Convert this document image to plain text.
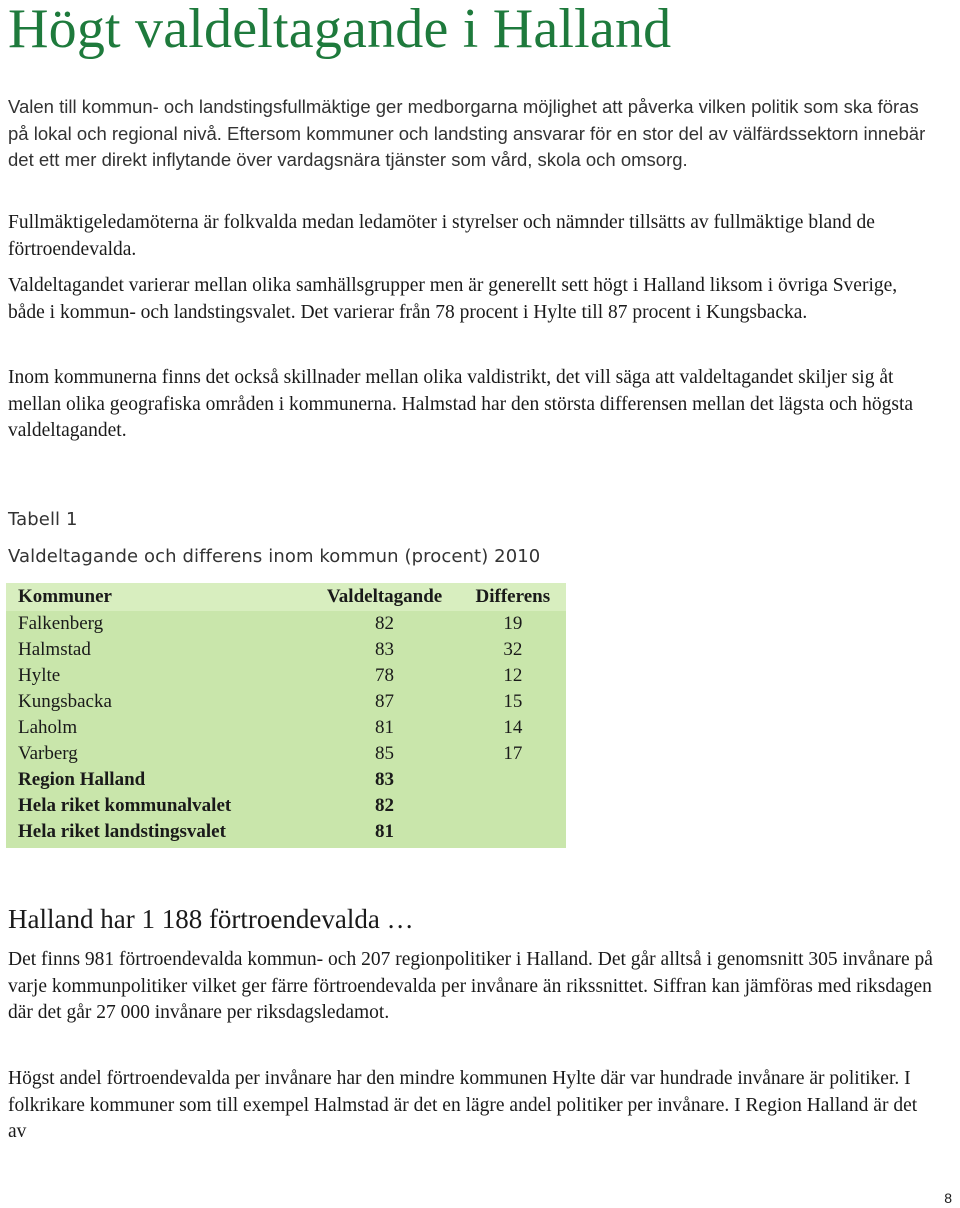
Högt valdeltagande i Halland

Valen till kommun- och landstingsfullmäktige ger medborgarna möjlighet att påverka vilken politik som ska föras på lokal och regional nivå. Eftersom kommuner och landsting ansvarar för en stor del av välfärdssektorn innebär det ett mer direkt inflytande över vardagsnära tjänster som vård, skola och omsorg.

Fullmäktigeledamöterna är folkvalda medan ledamöter i styrelser och nämnder tillsätts av fullmäktige bland de förtroendevalda.

Valdeltagandet varierar mellan olika samhällsgrupper men är generellt sett högt i Halland liksom i övriga Sverige, både i kommun- och landstingsvalet. Det varierar från 78 procent i Hylte till 87 procent i Kungsbacka.

Inom kommunerna finns det också skillnader mellan olika valdistrikt, det vill säga att valdeltagandet skiljer sig åt mellan olika geografiska områden i kommunerna. Halmstad har den största differensen mellan det lägsta och högsta valdeltagandet.

Tabell 1

Valdeltagande och differens inom kommun (procent) 2010

Kommuner	Valdeltagande	Differens
Falkenberg	82	19
Halmstad	83	32
Hylte	78	12
Kungsbacka	87	15
Laholm	81	14
Varberg	85	17
Region Halland	83	
Hela riket kommunalvalet	82	
Hela riket landstingsvalet	81	
Halland har 1 188 förtroendevalda …

Det finns 981 förtroendevalda kommun- och 207 regionpolitiker i Halland. Det går alltså i genomsnitt 305 invånare på varje kommunpolitiker vilket ger färre förtroendevalda per invånare än rikssnittet. Siffran kan jämföras med riksdagen där det går 27 000 invånare per riksdagsledamot.

Högst andel förtroendevalda per invånare har den mindre kommunen Hylte där var hundrade invånare är politiker. I folkrikare kommuner som till exempel Halmstad är det en lägre andel politiker per invånare. I Region Halland är det av

8
